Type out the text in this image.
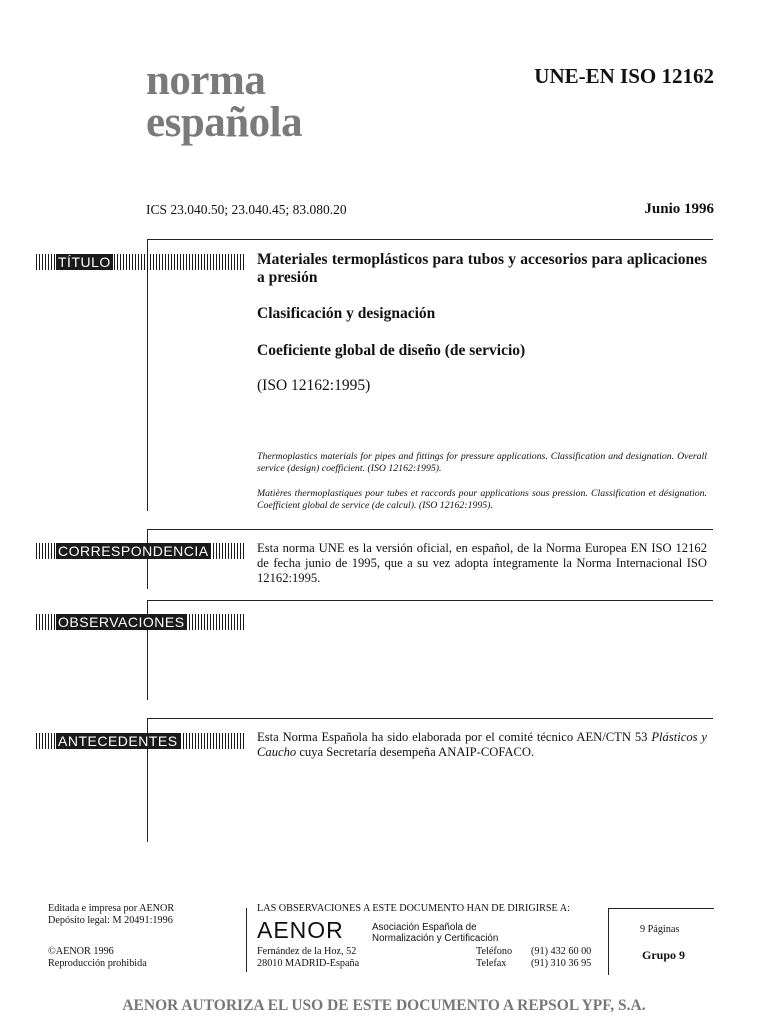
norma
española
UNE-EN ISO 12162
ICS 23.040.50; 23.040.45; 83.080.20	Junio 1996
TÍTULO	Materiales termoplásticos para tubos y accesorios para aplicaciones a presión
Clasificación y designación
Coeficiente global de diseño (de servicio)
(ISO 12162:1995)
Thermoplastics materials for pipes and fittings for pressure applications. Classification and designation. Overall service (design) coefficient. (ISO 12162:1995).
Matières thermoplastiques pour tubes et raccords pour applications sous pression. Classification et désignation. Coefficient global de service (de calcul). (ISO 12162:1995).
CORRESPONDENCIA	Esta norma UNE es la versión oficial, en español, de la Norma Europea EN ISO 12162 de fecha junio de 1995, que a su vez adopta íntegramente la Norma Internacional ISO 12162:1995.
OBSERVACIONES
ANTECEDENTES	Esta Norma Española ha sido elaborada por el comité técnico AEN/CTN 53 Plásticos y Caucho cuya Secretaría desempeña ANAIP-COFACO.
Editada e impresa por AENOR
Depósito legal: M 20491:1996
©AENOR 1996
Reproducción prohibida
LAS OBSERVACIONES A ESTE DOCUMENTO HAN DE DIRIGIRSE A:
AENOR	Asociación Española de
Normalización y Certificación
Fernández de la Hoz, 52
28010 MADRID-España
Teléfono (91) 432 60 00
Telefax (91) 310 36 95
9 Páginas
Grupo 9
AENOR AUTORIZA EL USO DE ESTE DOCUMENTO A REPSOL YPF, S.A.
